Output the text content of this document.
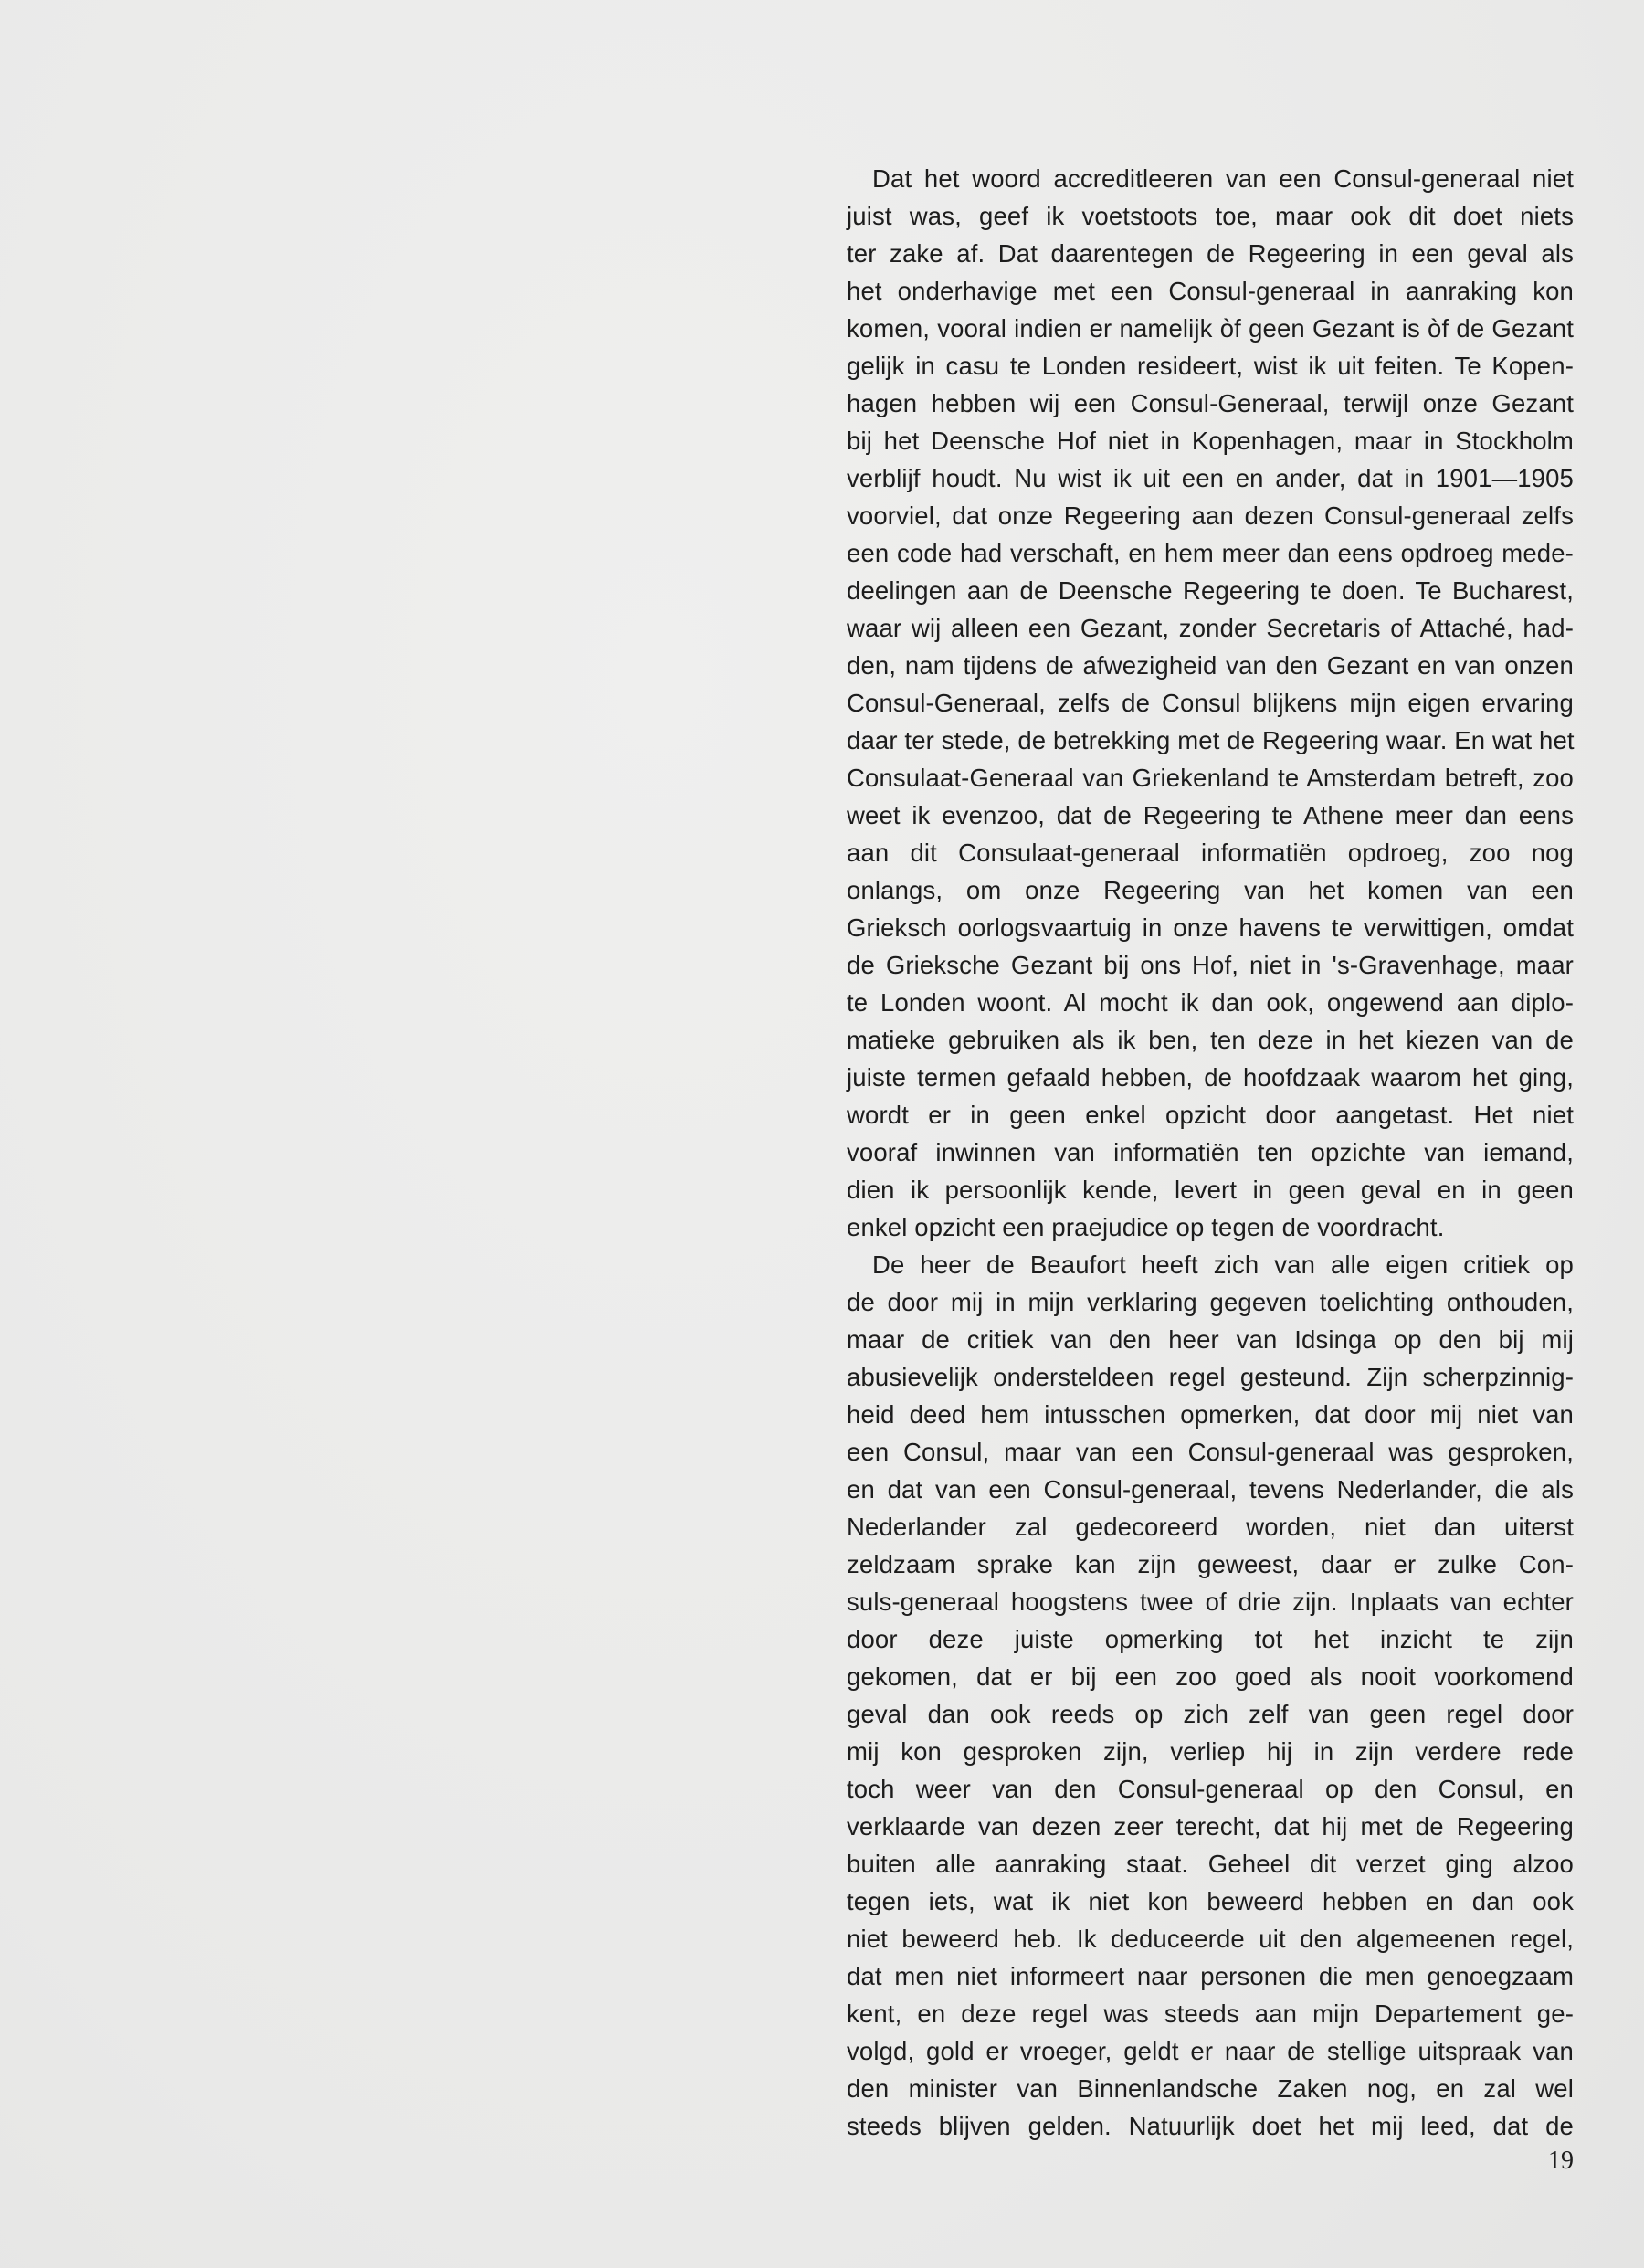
Dat het woord accreditleeren van een Consul-generaal niet
juist was, geef ik voetstoots toe, maar ook dit doet niets
ter zake af. Dat daarentegen de Regeering in een geval als
het onderhavige met een Consul-generaal in aanraking kon
komen, vooral indien er namelijk òf geen Gezant is òf de Gezant
gelijk in casu te Londen resideert, wist ik uit feiten. Te Kopen-
hagen hebben wij een Consul-Generaal, terwijl onze Gezant
bij het Deensche Hof niet in Kopenhagen, maar in Stockholm
verblijf houdt. Nu wist ik uit een en ander, dat in 1901—1905
voorviel, dat onze Regeering aan dezen Consul-generaal zelfs
een code had verschaft, en hem meer dan eens opdroeg mede-
deelingen aan de Deensche Regeering te doen. Te Bucharest,
waar wij alleen een Gezant, zonder Secretaris of Attaché, had-
den, nam tijdens de afwezigheid van den Gezant en van onzen
Consul-Generaal, zelfs de Consul blijkens mijn eigen ervaring
daar ter stede, de betrekking met de Regeering waar. En wat het
Consulaat-Generaal van Griekenland te Amsterdam betreft, zoo
weet ik evenzoo, dat de Regeering te Athene meer dan eens
aan dit Consulaat-generaal informatiën opdroeg, zoo nog
onlangs, om onze Regeering van het komen van een
Grieksch oorlogsvaartuig in onze havens te verwittigen, omdat
de Grieksche Gezant bij ons Hof, niet in 's-Gravenhage, maar
te Londen woont. Al mocht ik dan ook, ongewend aan diplo-
matieke gebruiken als ik ben, ten deze in het kiezen van de
juiste termen gefaald hebben, de hoofdzaak waarom het ging,
wordt er in geen enkel opzicht door aangetast. Het niet
vooraf inwinnen van informatiën ten opzichte van iemand,
dien ik persoonlijk kende, levert in geen geval en in geen
enkel opzicht een praejudice op tegen de voordracht.
De heer de Beaufort heeft zich van alle eigen critiek op
de door mij in mijn verklaring gegeven toelichting onthouden,
maar de critiek van den heer van Idsinga op den bij mij
abusievelijk ondersteldeen regel gesteund. Zijn scherpzinnig-
heid deed hem intusschen opmerken, dat door mij niet van
een Consul, maar van een Consul-generaal was gesproken,
en dat van een Consul-generaal, tevens Nederlander, die als
Nederlander zal gedecoreerd worden, niet dan uiterst
zeldzaam sprake kan zijn geweest, daar er zulke Con-
suls-generaal hoogstens twee of drie zijn. Inplaats van echter
door deze juiste opmerking tot het inzicht te zijn
gekomen, dat er bij een zoo goed als nooit voorkomend
geval dan ook reeds op zich zelf van geen regel door
mij kon gesproken zijn, verliep hij in zijn verdere rede
toch weer van den Consul-generaal op den Consul, en
verklaarde van dezen zeer terecht, dat hij met de Regeering
buiten alle aanraking staat. Geheel dit verzet ging alzoo
tegen iets, wat ik niet kon beweerd hebben en dan ook
niet beweerd heb. Ik deduceerde uit den algemeenen regel,
dat men niet informeert naar personen die men genoegzaam
kent, en deze regel was steeds aan mijn Departement ge-
volgd, gold er vroeger, geldt er naar de stellige uitspraak van
den minister van Binnenlandsche Zaken nog, en zal wel
steeds blijven gelden. Natuurlijk doet het mij leed, dat de
19
